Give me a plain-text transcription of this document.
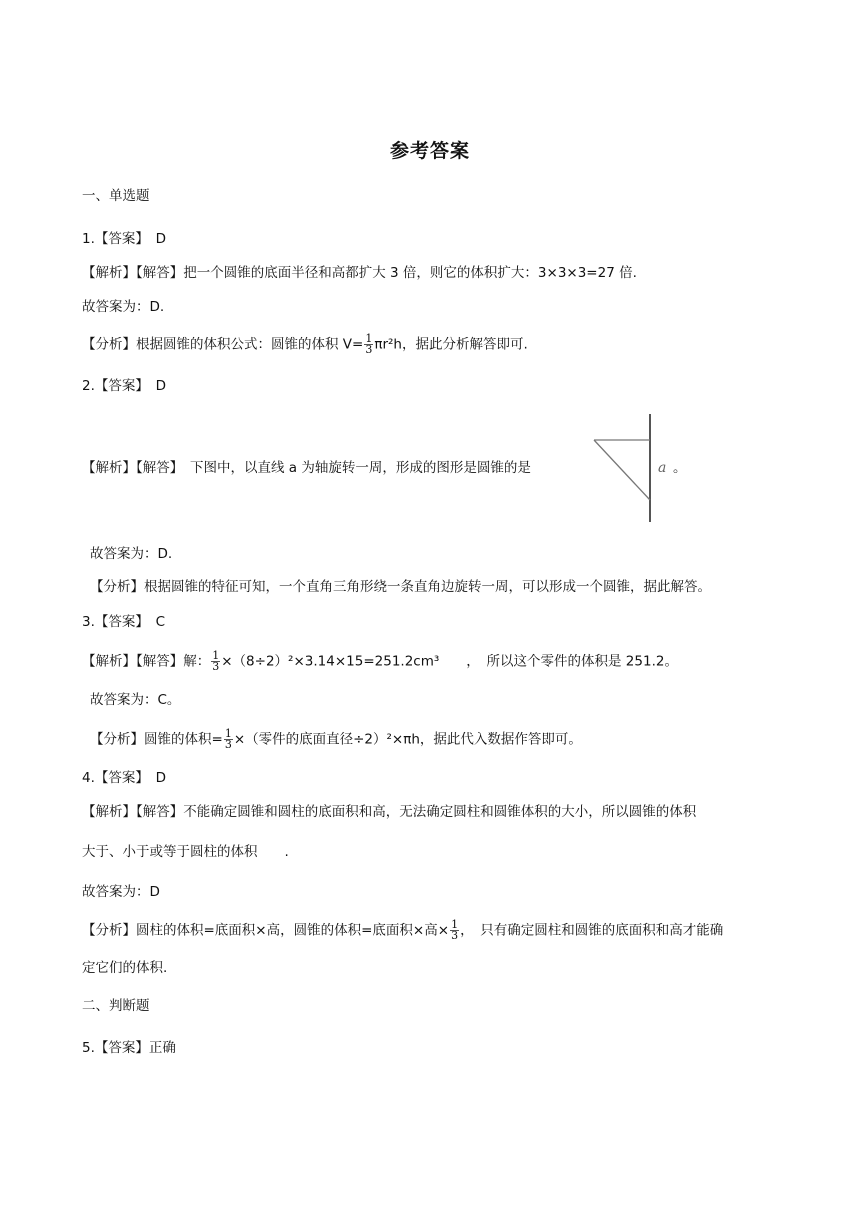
参考答案
一、单选题
1.【答案】　D
【解析】【解答】把一个圆锥的底面半径和高都扩大 3 倍，则它的体积扩大：3×3×3=27 倍.
故答案为：D.
【分析】根据圆锥的体积公式：圆锥的体积 $V= \frac{1}{3} \pi r^2h$，据此分析解答即可.
2.【答案】　D
【解析】【解答】　下图中，以直线 a 为轴旋转一周，形成的图形是圆锥的是	a 。
故答案为：D.
【分析】根据圆锥的特征可知，一个直角三角形绕一条直角边旋转一周，可以形成一个圆锥，据此解答。
3.【答案】　C
【解析】【解答】解： $\frac{1}{3} \times(8\div 2)^2\times 3.14\times 15=251.2cm^3$　　，　所以这个零件的体积是 251.2。
故答案为：C。
【分析】圆锥的体积= $\frac{1}{3}$ ×（零件的底面直径÷2）²×πh，据此代入数据作答即可。
4.【答案】　D
【解析】【解答】不能确定圆锥和圆柱的底面积和高，无法确定圆柱和圆锥体积的大小，所以圆锥的体积
大于、小于或等于圆柱的体积　　.
故答案为：D
【分析】圆柱的体积=底面积×高，圆锥的体积=底面积×高× $\frac{1}{3}$ ，　只有确定圆柱和圆锥的底面积和高才能确
定它们的体积.
二、判断题
5.【答案】正确
